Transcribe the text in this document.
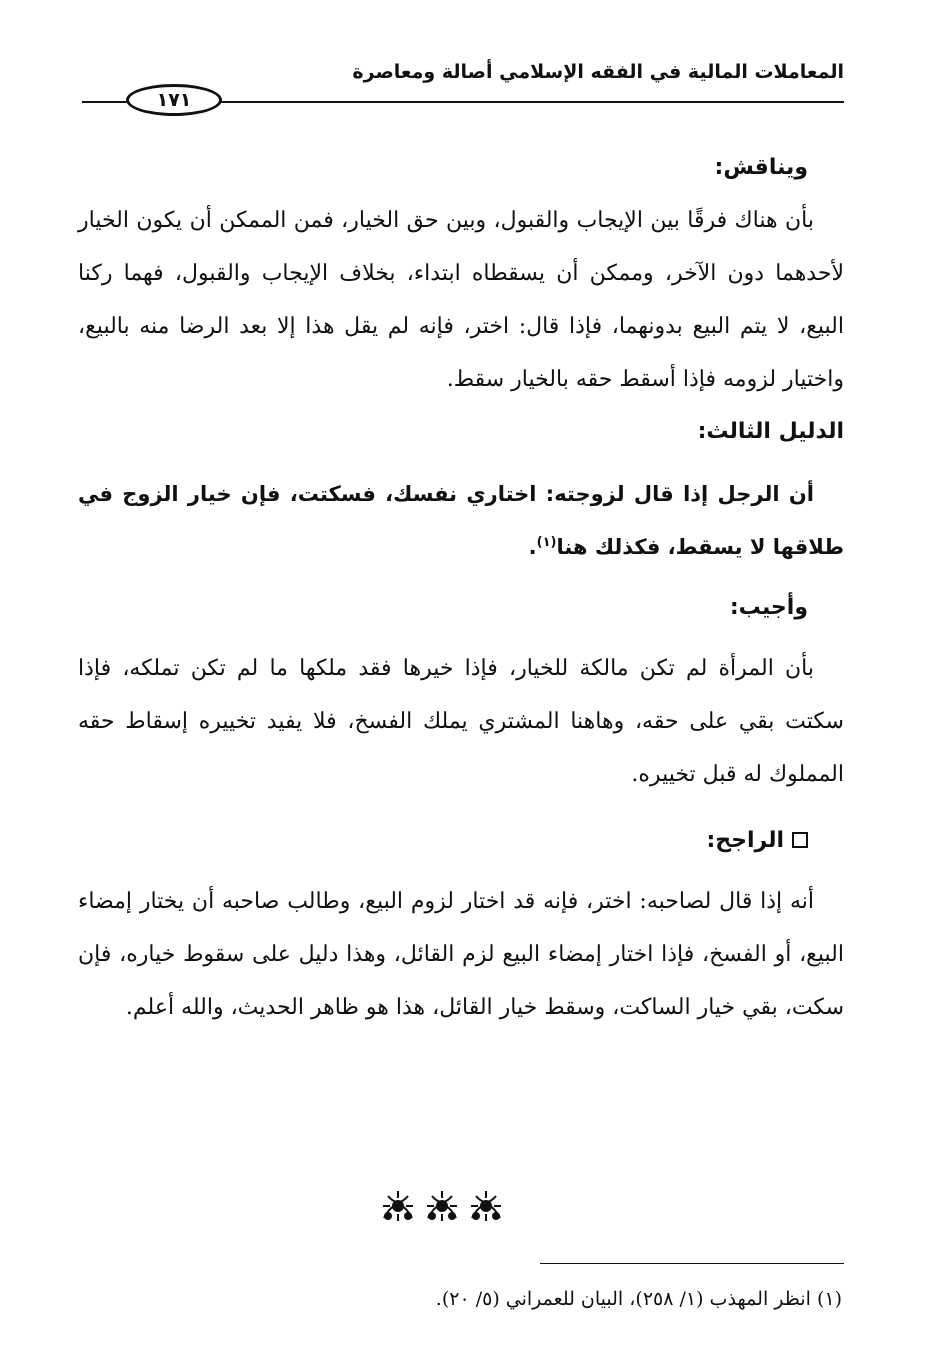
المعاملات المالية في الفقه الإسلامي أصالة ومعاصرة
١٧١
ويناقش:

بأن هناك فرقًا بين الإيجاب والقبول، وبين حق الخيار، فمن الممكن أن يكون الخيار لأحدهما دون الآخر، وممكن أن يسقطاه ابتداء، بخلاف الإيجاب والقبول، فهما ركنا البيع، لا يتم البيع بدونهما، فإذا قال: اختر، فإنه لم يقل هذا إلا بعد الرضا منه بالبيع، واختيار لزومه فإذا أسقط حقه بالخيار سقط.

الدليل الثالث:

أن الرجل إذا قال لزوجته: اختاري نفسك، فسكتت، فإن خيار الزوج في طلاقها لا يسقط، فكذلك هنا$^{(١)}$.

وأجيب:

بأن المرأة لم تكن مالكة للخيار، فإذا خيرها فقد ملكها ما لم تكن تملكه، فإذا سكتت بقي على حقه، وهاهنا المشتري يملك الفسخ، فلا يفيد تخييره إسقاط حقه المملوك له قبل تخييره.

الراجح:

أنه إذا قال لصاحبه: اختر، فإنه قد اختار لزوم البيع، وطالب صاحبه أن يختار إمضاء البيع، أو الفسخ، فإذا اختار إمضاء البيع لزم القائل، وهذا دليل على سقوط خياره، فإن سكت، بقي خيار الساكت، وسقط خيار القائل، هذا هو ظاهر الحديث، والله أعلم.

(١) انظر المهذب (١/ ٢٥٨)، البيان للعمراني (٥/ ٢٠).
